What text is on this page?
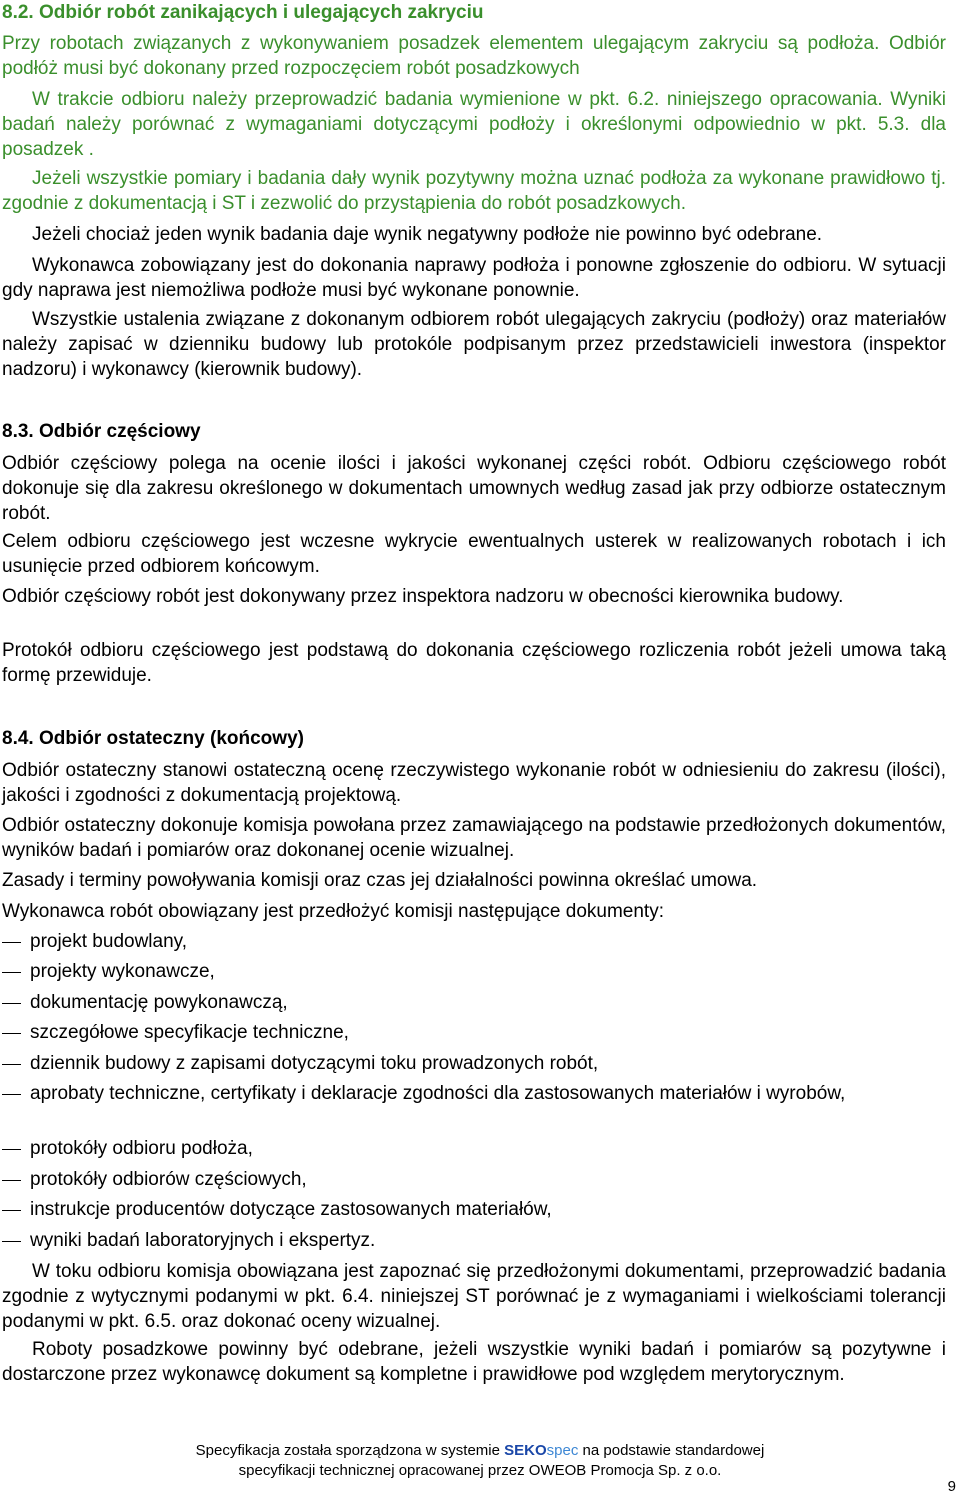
8.2. Odbiór robót zanikających i ulegających zakryciu

Przy robotach związanych z wykonywaniem posadzek elementem ulegającym zakryciu są podłoża. Odbiór podłóż musi być dokonany przed rozpoczęciem robót posadzkowych

W trakcie odbioru należy przeprowadzić badania wymienione w pkt. 6.2. niniejszego opracowania. Wyniki badań należy porównać z wymaganiami dotyczącymi podłoży i określonymi odpowiednio w pkt. 5.3. dla posadzek .

Jeżeli wszystkie pomiary i badania dały wynik pozytywny można uznać podłoża za wykonane prawidłowo tj. zgodnie z dokumentacją i ST i zezwolić do przystąpienia do robót posadzkowych.

Jeżeli chociaż jeden wynik badania daje wynik negatywny podłoże nie powinno być odebrane.

Wykonawca zobowiązany jest do dokonania naprawy podłoża i ponowne zgłoszenie do odbioru. W sytuacji gdy naprawa jest niemożliwa podłoże musi być wykonane ponownie.

Wszystkie ustalenia związane z dokonanym odbiorem robót ulegających zakryciu (podłoży) oraz materiałów należy zapisać w dzienniku budowy lub protokóle podpisanym przez przedstawicieli inwestora (inspektor nadzoru) i wykonawcy (kierownik budowy).

8.3. Odbiór częściowy

Odbiór częściowy polega na ocenie ilości i jakości wykonanej części robót. Odbioru częściowego robót dokonuje się dla zakresu określonego w dokumentach umownych według zasad jak przy odbiorze ostatecznym robót.

Celem odbioru częściowego jest wczesne wykrycie ewentualnych usterek w realizowanych robotach i ich usunięcie przed odbiorem końcowym.

Odbiór częściowy robót jest dokonywany przez inspektora nadzoru w obecności kierownika budowy.

Protokół odbioru częściowego jest podstawą do dokonania częściowego rozliczenia robót jeżeli umowa taką formę przewiduje.

8.4. Odbiór ostateczny (końcowy)

Odbiór ostateczny stanowi ostateczną ocenę rzeczywistego wykonanie robót w odniesieniu do zakresu (ilości), jakości i zgodności z dokumentacją projektową.

Odbiór ostateczny dokonuje komisja powołana przez zamawiającego na podstawie przedłożonych dokumentów, wyników badań i pomiarów oraz dokonanej ocenie wizualnej.

Zasady i terminy powoływania komisji oraz czas jej działalności powinna określać umowa.

Wykonawca robót obowiązany jest przedłożyć komisji następujące dokumenty:

projekt budowlany,
projekty wykonawcze,
dokumentację powykonawczą,
szczegółowe specyfikacje techniczne,
dziennik budowy z zapisami dotyczącymi toku prowadzonych robót,
aprobaty techniczne, certyfikaty i deklaracje zgodności dla zastosowanych materiałów i wyrobów,
protokóły odbioru podłoża,
protokóły odbiorów częściowych,
instrukcje producentów dotyczące zastosowanych materiałów,
wyniki badań laboratoryjnych i ekspertyz.

W toku odbioru komisja obowiązana jest zapoznać się przedłożonymi dokumentami, przeprowadzić badania zgodnie z wytycznymi podanymi w pkt. 6.4. niniejszej ST porównać je z wymaganiami i wielkościami tolerancji podanymi w pkt. 6.5. oraz dokonać oceny wizualnej.

Roboty posadzkowe powinny być odebrane, jeżeli wszystkie wyniki badań i pomiarów są pozytywne i dostarczone przez wykonawcę dokument są kompletne i prawidłowe pod względem merytorycznym.

Specyfikacja została sporządzona w systemie SEKOspec na podstawie standardowej
specyfikacji technicznej opracowanej przez OWEOB Promocja Sp. z o.o.
9
